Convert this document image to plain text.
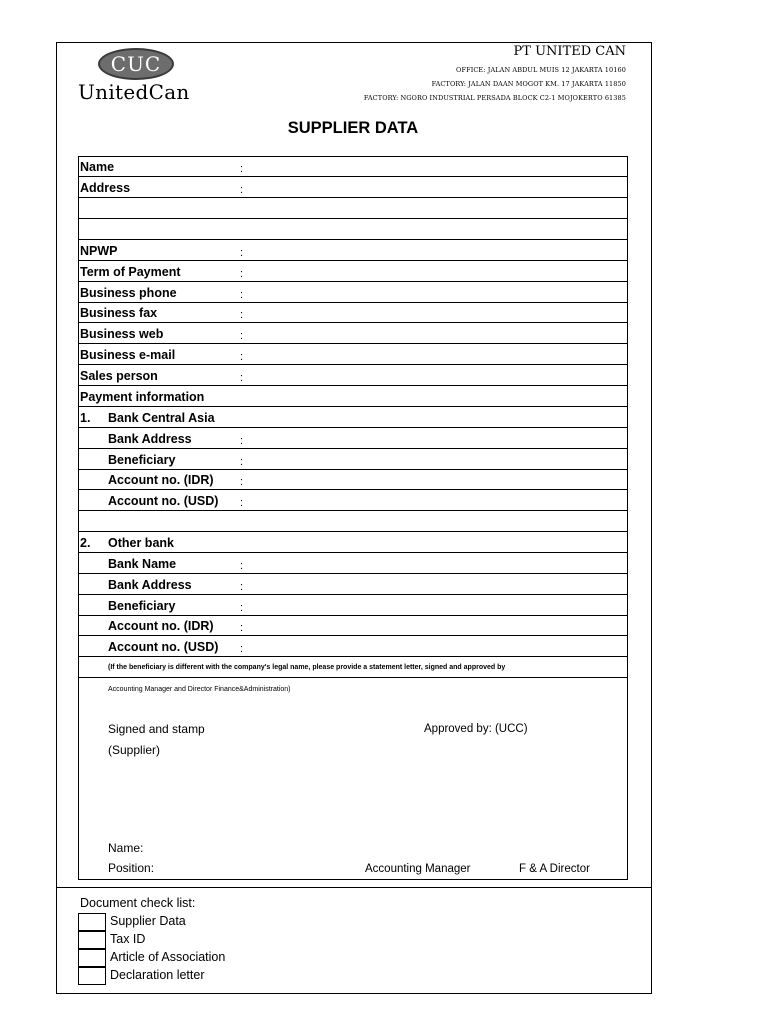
CUC
UnitedCan
PT UNITED CAN
OFFICE: JALAN ABDUL MUIS 12 JAKARTA 10160
FACTORY: JALAN DAAN MOGOT KM. 17 JAKARTA 11850
FACTORY: NGORO INDUSTRIAL PERSADA BLOCK C2-1 MOJOKERTO 61385
SUPPLIER DATA
Name	:
Address	:
NPWP	:
Term of Payment	:
Business phone	:
Business fax	:
Business web	:
Business e-mail	:
Sales person	:
Payment information
1. Bank Central Asia
Bank Address	:
Beneficiary	:
Account no. (IDR) :
Account no. (USD) :
2. Other bank
Bank Name	:
Bank Address	:
Beneficiary	:
Account no. (IDR) :
Account no. (USD) :
(If the beneficiary is different with the company's legal name, please provide a statement letter, signed and approved by
Accounting Manager and Director Finance&Administration)
Signed and stamp
(Supplier)
Approved by: (UCC)
Name:
Position:	Accounting Manager	F & A Director
Document check list:
Supplier Data
Tax ID
Article of Association
Declaration letter
